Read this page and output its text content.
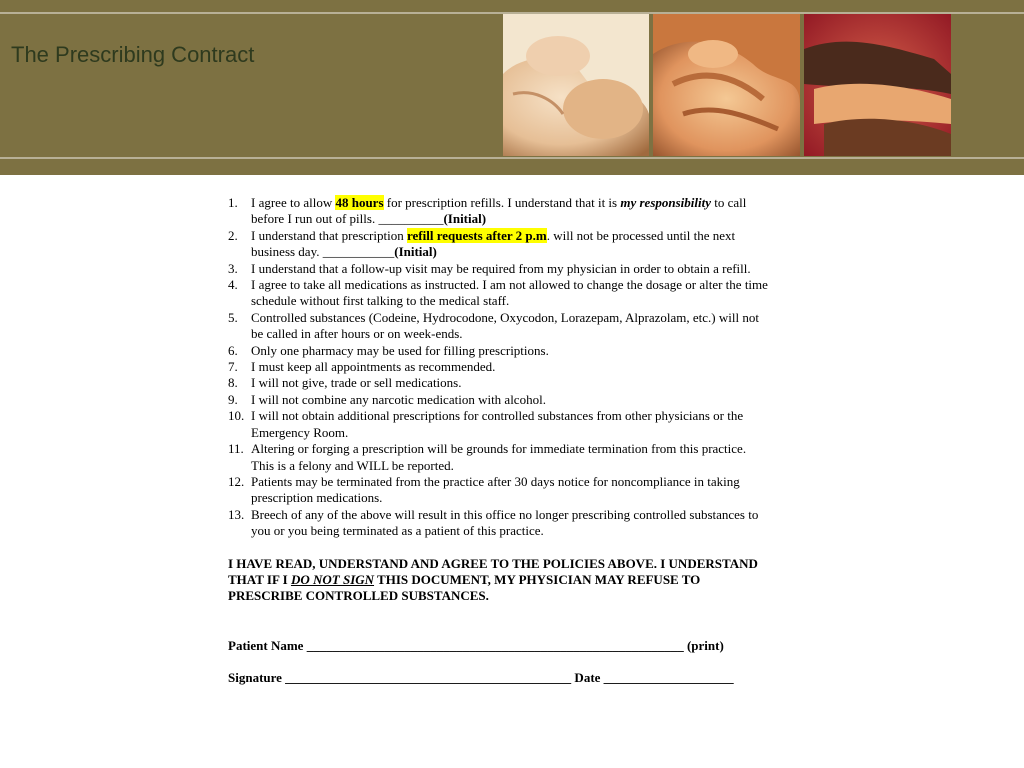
The Prescribing Contract
1. I agree to allow 48 hours for prescription refills. I understand that it is my responsibility to call before I run out of pills. __________(Initial)
2. I understand that prescription refill requests after 2 p.m. will not be processed until the next business day. ___________(Initial)
3. I understand that a follow-up visit may be required from my physician in order to obtain a refill.
4. I agree to take all medications as instructed. I am not allowed to change the dosage or alter the time schedule without first talking to the medical staff.
5. Controlled substances (Codeine, Hydrocodone, Oxycodon, Lorazepam, Alprazolam, etc.) will not be called in after hours or on week-ends.
6. Only one pharmacy may be used for filling prescriptions.
7. I must keep all appointments as recommended.
8. I will not give, trade or sell medications.
9. I will not combine any narcotic medication with alcohol.
10. I will not obtain additional prescriptions for controlled substances from other physicians or the Emergency Room.
11. Altering or forging a prescription will be grounds for immediate termination from this practice. This is a felony and WILL be reported.
12. Patients may be terminated from the practice after 30 days notice for noncompliance in taking prescription medications.
13. Breech of any of the above will result in this office no longer prescribing controlled substances to you or you being terminated as a patient of this practice.
I HAVE READ, UNDERSTAND AND AGREE TO THE POLICIES ABOVE. I UNDERSTAND THAT IF I DO NOT SIGN THIS DOCUMENT, MY PHYSICIAN MAY REFUSE TO PRESCRIBE CONTROLLED SUBSTANCES.
Patient Name __________________________________________________________ (print)
Signature ____________________________________________ Date ____________________
